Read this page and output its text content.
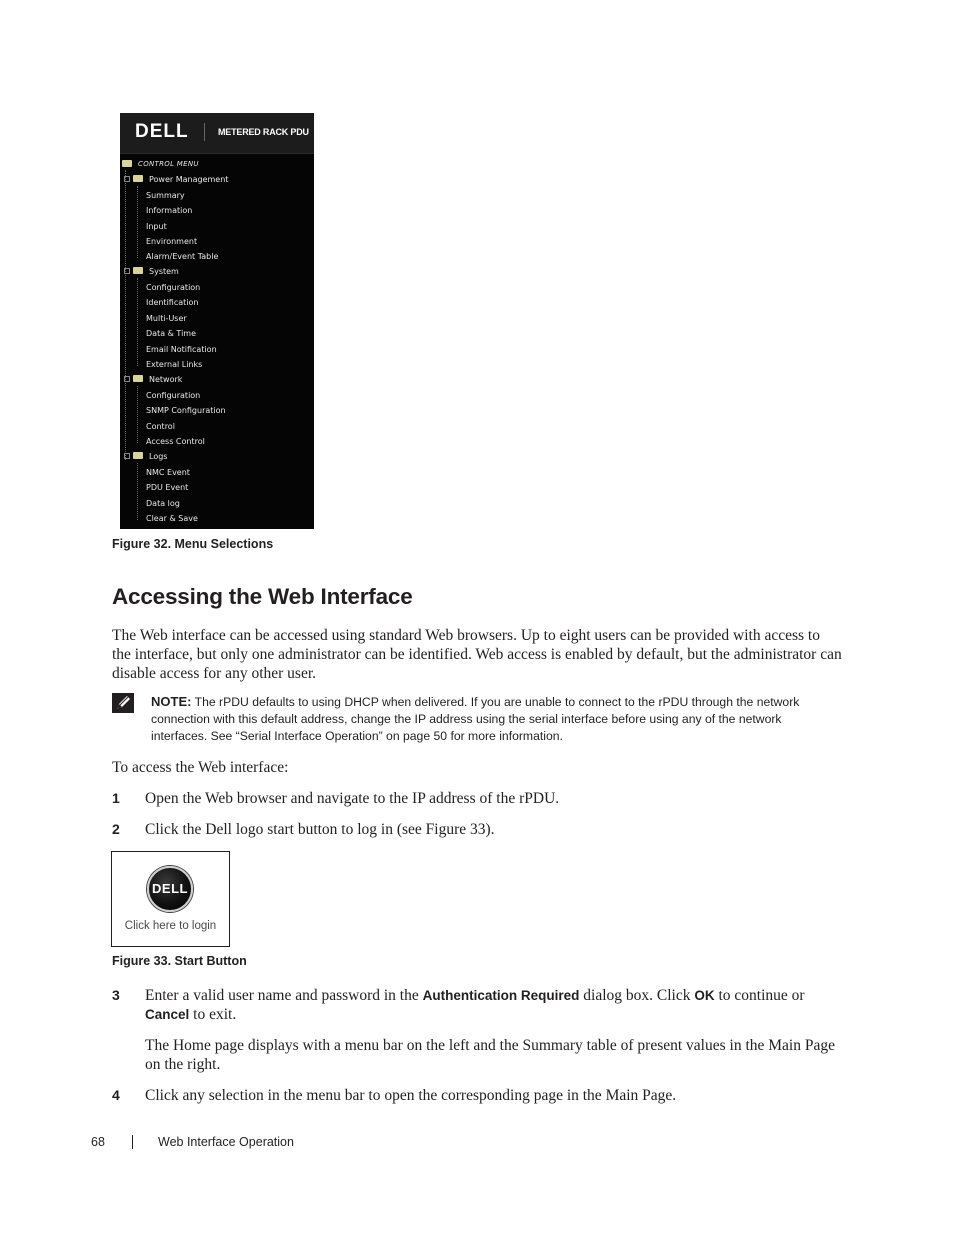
DELL	METERED RACK PDU
CONTROL MENU
Power Management
Summary
Information
Input
Environment
Alarm/Event Table
System
Configuration
Identification
Multi-User
Data & Time
Email Notification
External Links
Network
Configuration
SNMP Configuration
Control
Access Control
Logs
NMC Event
PDU Event
Data log
Clear & Save
Figure 32. Menu Selections
Accessing the Web Interface

The Web interface can be accessed using standard Web browsers. Up to eight users can be provided with access to the interface, but only one administrator can be identified. Web access is enabled by default, but the administrator can disable access for any other user.

NOTE: The rPDU defaults to using DHCP when delivered. If you are unable to connect to the rPDU through the network connection with this default address, change the IP address using the serial interface before using any of the network interfaces. See “Serial Interface Operation” on page 50 for more information.

To access the Web interface:

1 Open the Web browser and navigate to the IP address of the rPDU.

2 Click the Dell logo start button to log in (see Figure 33).

DELL
Click here to login
Figure 33. Start Button
3 Enter a valid user name and password in the Authentication Required dialog box. Click OK to continue or Cancel to exit.

The Home page displays with a menu bar on the left and the Summary table of present values in the Main Page on the right.

4 Click any selection in the menu bar to open the corresponding page in the Main Page.

68	Web Interface Operation
